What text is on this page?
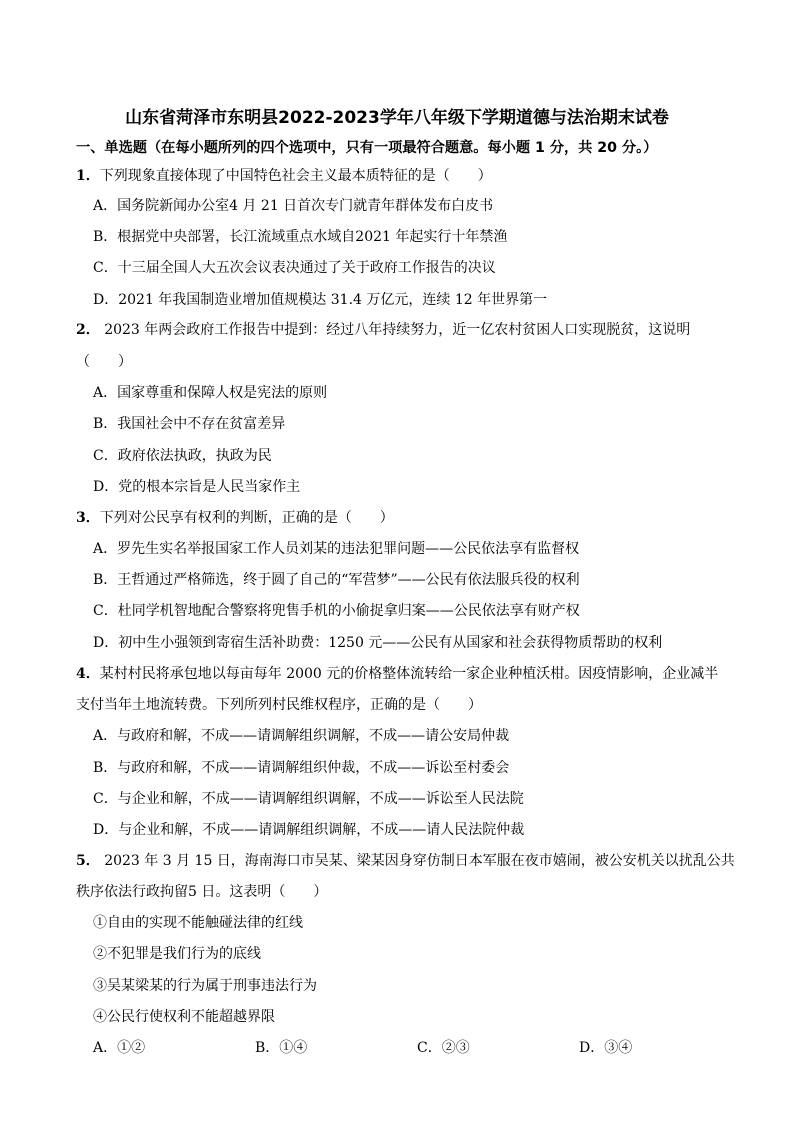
山东省菏泽市东明县2022-2023学年八年级下学期道德与法治期末试卷
一、单选题（在每小题所列的四个选项中，只有一项最符合题意。每小题 1 分，共 20 分。）
1．下列现象直接体现了中国特色社会主义最本质特征的是（　　）
A．国务院新闻办公室4 月 21 日首次专门就青年群体发布白皮书
B．根据党中央部署，长江流域重点水域自2021 年起实行十年禁渔
C．十三届全国人大五次会议表决通过了关于政府工作报告的决议
D．2021 年我国制造业增加值规模达 31.4 万亿元，连续 12 年世界第一
2． 2023 年两会政府工作报告中提到：经过八年持续努力，近一亿农村贫困人口实现脱贫，这说明
（　　）
A．国家尊重和保障人权是宪法的原则
B．我国社会中不存在贫富差异
C．政府依法执政，执政为民
D．党的根本宗旨是人民当家作主
3．下列对公民享有权利的判断，正确的是（　　）
A．罗先生实名举报国家工作人员刘某的违法犯罪问题——公民依法享有监督权
B．王哲通过严格筛选，终于圆了自己的“军营梦”——公民有依法服兵役的权利
C．杜同学机智地配合警察将兜售手机的小偷捉拿归案——公民依法享有财产权
D．初中生小强领到寄宿生活补助费：1250 元——公民有从国家和社会获得物质帮助的权利
4．某村村民将承包地以每亩每年 2000 元的价格整体流转给一家企业种植沃柑。因疫情影响，企业减半
支付当年土地流转费。下列所列村民维权程序，正确的是（　　）
A．与政府和解，不成——请调解组织调解，不成——请公安局仲裁
B．与政府和解，不成——请调解组织仲裁，不成——诉讼至村委会
C．与企业和解，不成——请调解组织调解，不成——诉讼至人民法院
D．与企业和解，不成——请调解组织调解，不成——请人民法院仲裁
5． 2023 年 3 月 15 日，海南海口市吴某、梁某因身穿仿制日本军服在夜市嬉闹，被公安机关以扰乱公共
秩序依法行政拘留5 日。这表明（　　）
①自由的实现不能触碰法律的红线
②不犯罪是我们行为的底线
③吴某梁某的行为属于刑事违法行为
④公民行使权利不能超越界限
A．①②	B．①④	C．②③	D．③④
